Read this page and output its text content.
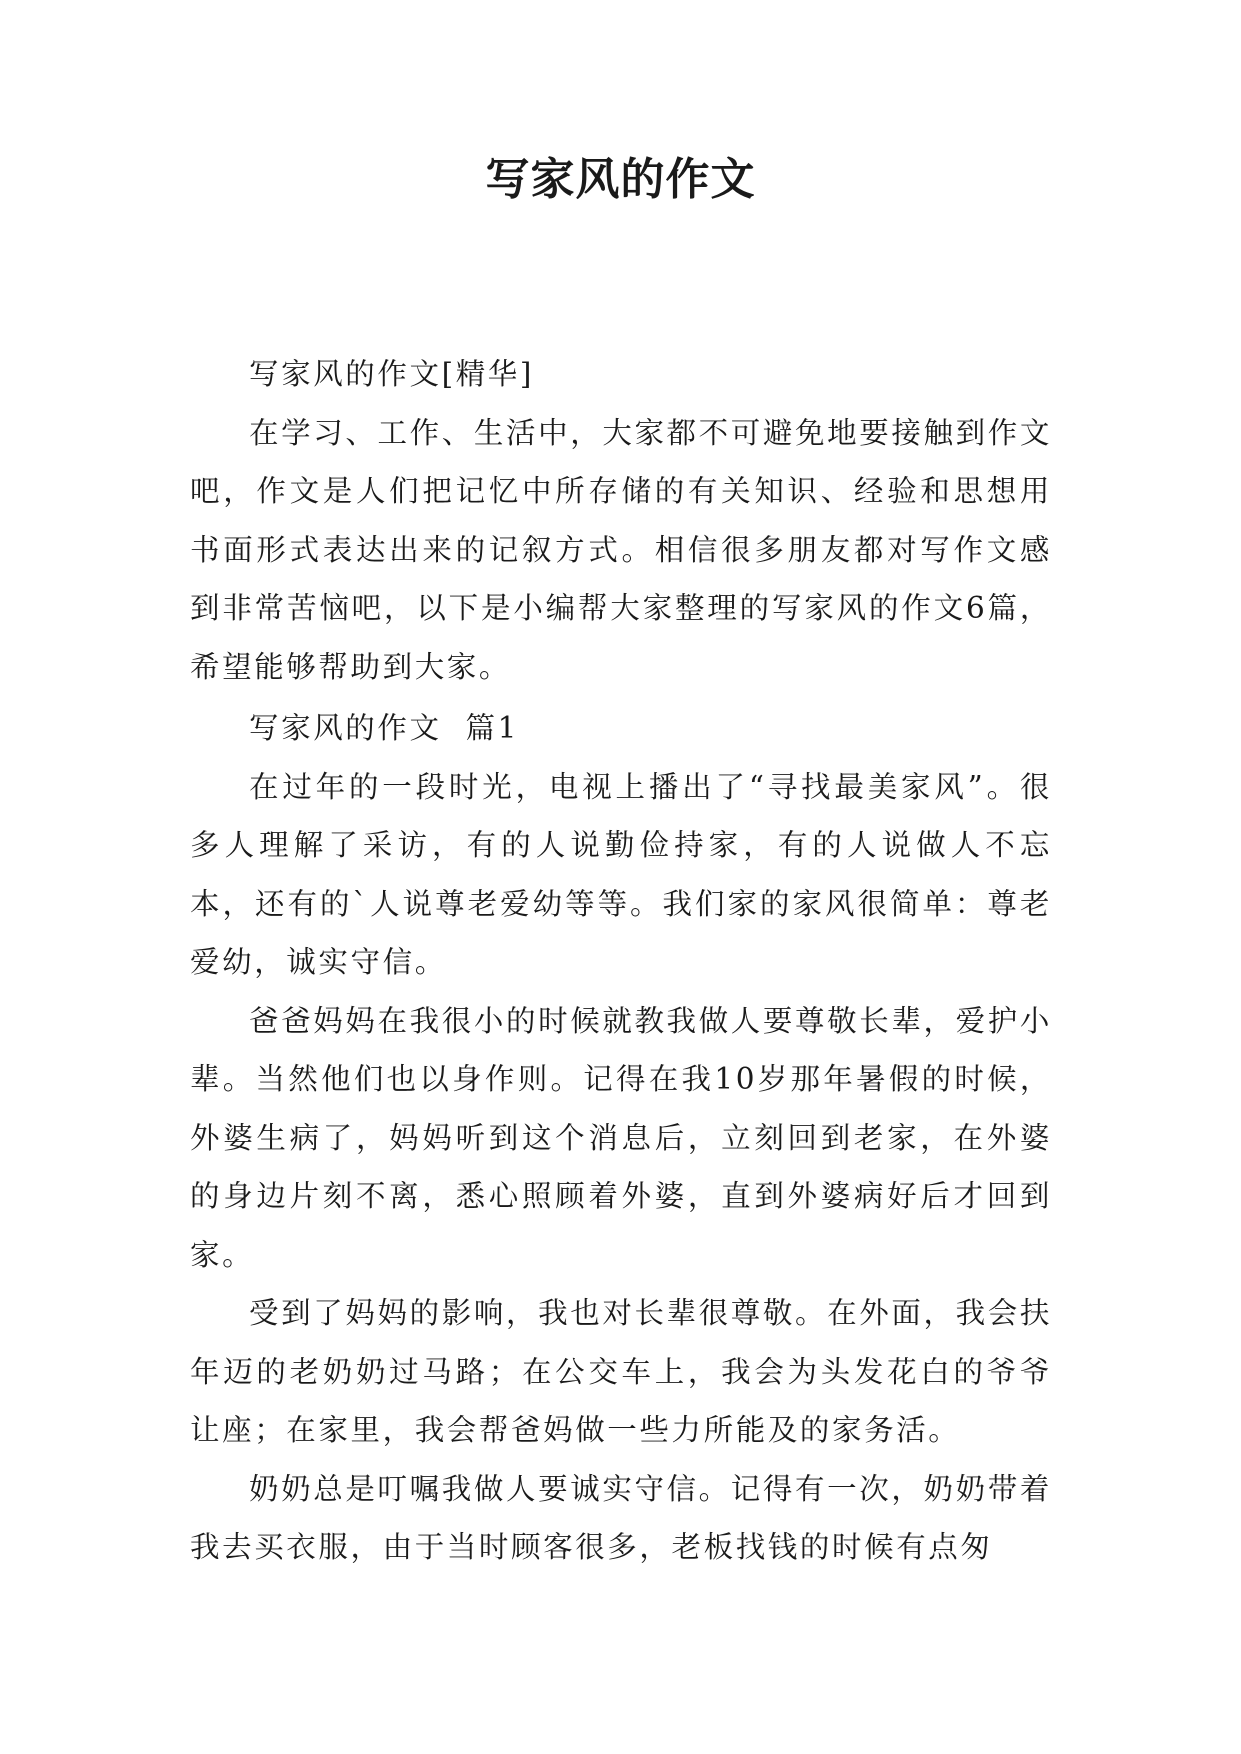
写家风的作文

写家风的作文[精华]

在学习、工作、生活中，大家都不可避免地要接触到作文吧，作文是人们把记忆中所存储的有关知识、经验和思想用书面形式表达出来的记叙方式。相信很多朋友都对写作文感到非常苦恼吧，以下是小编帮大家整理的写家风的作文6篇，希望能够帮助到大家。

写家风的作文  篇1

在过年的一段时光，电视上播出了“寻找最美家风”。很多人理解了采访，有的人说勤俭持家，有的人说做人不忘本，还有的`人说尊老爱幼等等。我们家的家风很简单：尊老爱幼，诚实守信。

爸爸妈妈在我很小的时候就教我做人要尊敬长辈，爱护小辈。当然他们也以身作则。记得在我10岁那年暑假的时候，外婆生病了，妈妈听到这个消息后，立刻回到老家，在外婆的身边片刻不离，悉心照顾着外婆，直到外婆病好后才回到家。

受到了妈妈的影响，我也对长辈很尊敬。在外面，我会扶年迈的老奶奶过马路；在公交车上，我会为头发花白的爷爷让座；在家里，我会帮爸妈做一些力所能及的家务活。

奶奶总是叮嘱我做人要诚实守信。记得有一次，奶奶带着我去买衣服，由于当时顾客很多，老板找钱的时候有点匆
